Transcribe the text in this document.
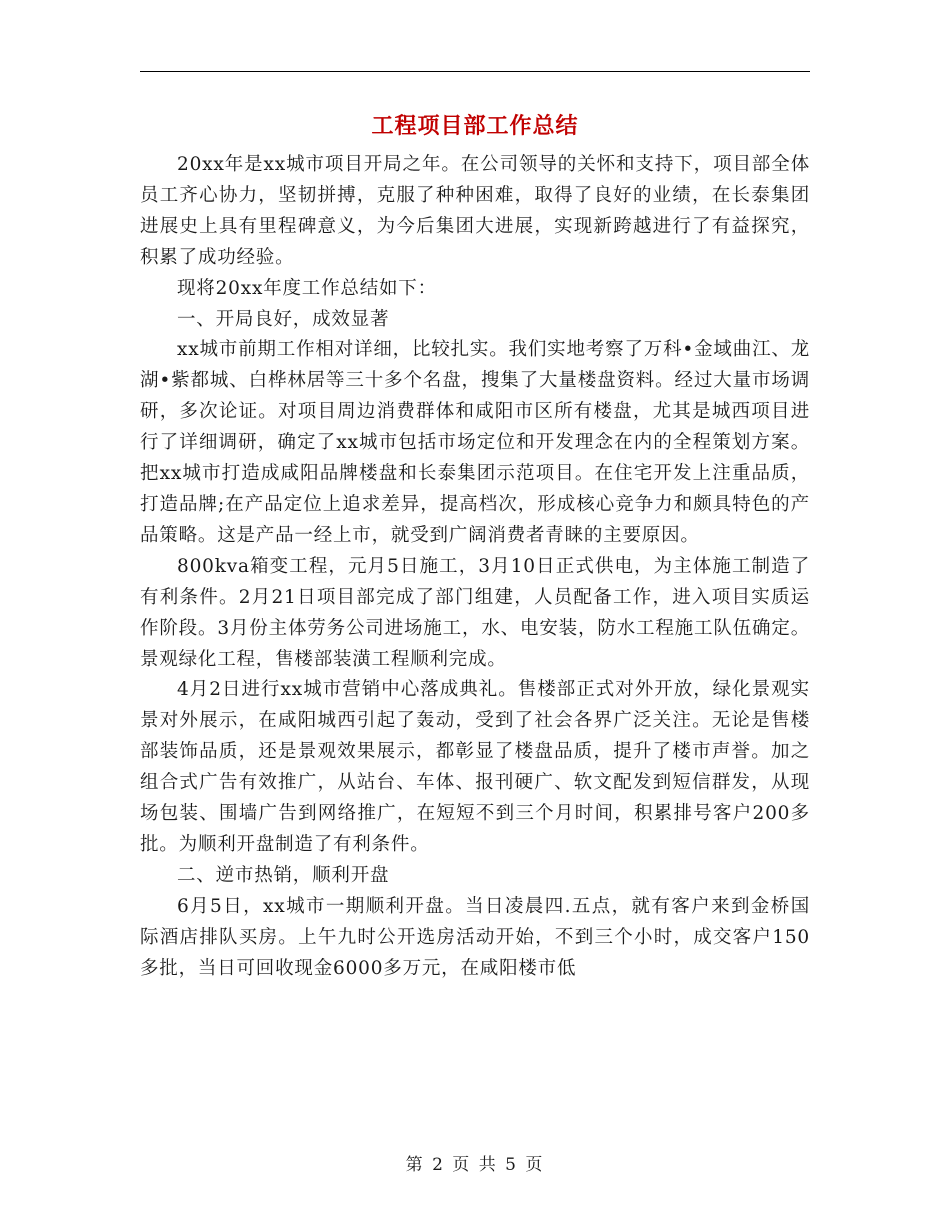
工程项目部工作总结

20xx年是xx城市项目开局之年。在公司领导的关怀和支持下，项目部全体员工齐心协力，坚韧拼搏，克服了种种困难，取得了良好的业绩，在长泰集团进展史上具有里程碑意义，为今后集团大进展，实现新跨越进行了有益探究，积累了成功经验。

现将20xx年度工作总结如下：

一、开局良好，成效显著

xx城市前期工作相对详细，比较扎实。我们实地考察了万科•金域曲江、龙湖•紫都城、白桦林居等三十多个名盘，搜集了大量楼盘资料。经过大量市场调研，多次论证。对项目周边消费群体和咸阳市区所有楼盘，尤其是城西项目进行了详细调研，确定了xx城市包括市场定位和开发理念在内的全程策划方案。把xx城市打造成咸阳品牌楼盘和长泰集团示范项目。在住宅开发上注重品质，打造品牌;在产品定位上追求差异，提高档次，形成核心竞争力和颇具特色的产品策略。这是产品一经上市，就受到广阔消费者青睐的主要原因。

800kva箱变工程，元月5日施工，3月10日正式供电，为主体施工制造了有利条件。2月21日项目部完成了部门组建，人员配备工作，进入项目实质运作阶段。3月份主体劳务公司进场施工，水、电安装，防水工程施工队伍确定。景观绿化工程，售楼部装潢工程顺利完成。

4月2日进行xx城市营销中心落成典礼。售楼部正式对外开放，绿化景观实景对外展示，在咸阳城西引起了轰动，受到了社会各界广泛关注。无论是售楼部装饰品质，还是景观效果展示，都彰显了楼盘品质，提升了楼市声誉。加之组合式广告有效推广，从站台、车体、报刊硬广、软文配发到短信群发，从现场包装、围墙广告到网络推广，在短短不到三个月时间，积累排号客户200多批。为顺利开盘制造了有利条件。

二、逆市热销，顺利开盘

6月5日，xx城市一期顺利开盘。当日凌晨四.五点，就有客户来到金桥国际酒店排队买房。上午九时公开选房活动开始，不到三个小时，成交客户150多批，当日可回收现金6000多万元，在咸阳楼市低

第 2 页 共 5 页
